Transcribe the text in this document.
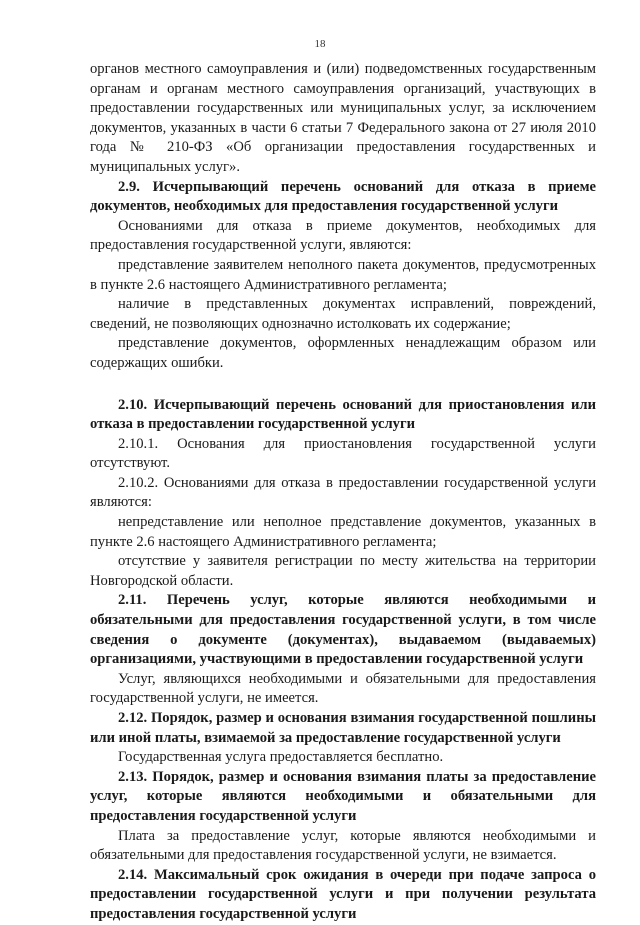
18

органов местного самоуправления и (или) подведомственных государственным органам и органам местного самоуправления организаций, участвующих в предоставлении государственных или муниципальных услуг, за исключением документов, указанных в части 6 статьи 7 Федерального закона от 27 июля 2010 года № 210-ФЗ «Об организации предоставления государственных и муниципальных услуг».

2.9. Исчерпывающий перечень оснований для отказа в приеме документов, необходимых для предоставления государственной услуги

Основаниями для отказа в приеме документов, необходимых для предоставления государственной услуги, являются:

представление заявителем неполного пакета документов, предусмотренных в пункте 2.6 настоящего Административного регламента;

наличие в представленных документах исправлений, повреждений, сведений, не позволяющих однозначно истолковать их содержание;

представление документов, оформленных ненадлежащим образом или содержащих ошибки.

2.10. Исчерпывающий перечень оснований для приостановления или отказа в предоставлении государственной услуги

2.10.1. Основания для приостановления государственной услуги отсутствуют.

2.10.2. Основаниями для отказа в предоставлении государственной услуги являются:

непредставление или неполное представление документов, указанных в пункте 2.6 настоящего Административного регламента;

отсутствие у заявителя регистрации по месту жительства на территории Новгородской области.

2.11. Перечень услуг, которые являются необходимыми и обязательными для предоставления государственной услуги, в том числе сведения о документе (документах), выдаваемом (выдаваемых) организациями, участвующими в предоставлении государственной услуги

Услуг, являющихся необходимыми и обязательными для предоставления государственной услуги, не имеется.

2.12. Порядок, размер и основания взимания государственной пошлины или иной платы, взимаемой за предоставление государственной услуги

Государственная услуга предоставляется бесплатно.

2.13. Порядок, размер и основания взимания платы за предоставление услуг, которые являются необходимыми и обязательными для предоставления государственной услуги

Плата за предоставление услуг, которые являются необходимыми и обязательными для предоставления государственной услуги, не взимается.

2.14. Максимальный срок ожидания в очереди при подаче запроса о предоставлении государственной услуги и при получении результата предоставления государственной услуги
